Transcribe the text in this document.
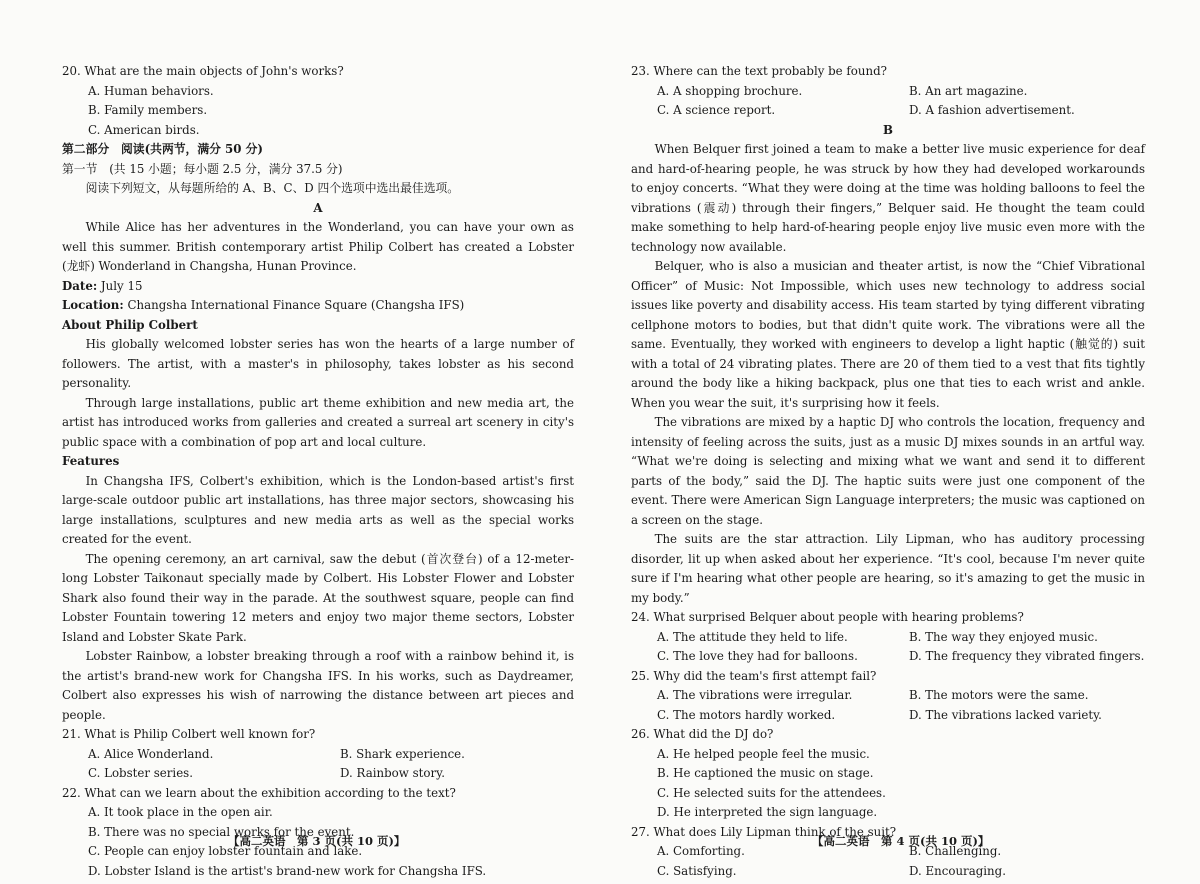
20. What are the main objects of John's works?

A. Human behaviors.

B. Family members.

C. American birds.

第二部分　阅读(共两节，满分 50 分)

第一节　(共 15 小题；每小题 2.5 分，满分 37.5 分)

阅读下列短文，从每题所给的 A、B、C、D 四个选项中选出最佳选项。

A

While Alice has her adventures in the Wonderland, you can have your own as well this summer. British contemporary artist Philip Colbert has created a Lobster (龙虾) Wonderland in Changsha, Hunan Province.

Date: July 15

Location: Changsha International Finance Square (Changsha IFS)

About Philip Colbert

His globally welcomed lobster series has won the hearts of a large number of followers. The artist, with a master's in philosophy, takes lobster as his second personality.

Through large installations, public art theme exhibition and new media art, the artist has introduced works from galleries and created a surreal art scenery in city's public space with a combination of pop art and local culture.

Features

In Changsha IFS, Colbert's exhibition, which is the London-based artist's first large-scale outdoor public art installations, has three major sectors, showcasing his large installations, sculptures and new media arts as well as the special works created for the event.

The opening ceremony, an art carnival, saw the debut (首次登台) of a 12-meter-long Lobster Taikonaut specially made by Colbert. His Lobster Flower and Lobster Shark also found their way in the parade. At the southwest square, people can find Lobster Fountain towering 12 meters and enjoy two major theme sectors, Lobster Island and Lobster Skate Park.

Lobster Rainbow, a lobster breaking through a roof with a rainbow behind it, is the artist's brand-new work for Changsha IFS. In his works, such as Daydreamer, Colbert also expresses his wish of narrowing the distance between art pieces and people.

21. What is Philip Colbert well known for?

A. Alice Wonderland.	B. Shark experience.
C. Lobster series.	D. Rainbow story.

22. What can we learn about the exhibition according to the text?

A. It took place in the open air.

B. There was no special works for the event.

C. People can enjoy lobster fountain and lake.

D. Lobster Island is the artist's brand-new work for Changsha IFS.

23. Where can the text probably be found?

A. A shopping brochure.	B. An art magazine.
C. A science report.	D. A fashion advertisement.

B

When Belquer first joined a team to make a better live music experience for deaf and hard-of-hearing people, he was struck by how they had developed workarounds to enjoy concerts. “What they were doing at the time was holding balloons to feel the vibrations (震动) through their fingers,” Belquer said. He thought the team could make something to help hard-of-hearing people enjoy live music even more with the technology now available.

Belquer, who is also a musician and theater artist, is now the “Chief Vibrational Officer” of Music: Not Impossible, which uses new technology to address social issues like poverty and disability access. His team started by tying different vibrating cellphone motors to bodies, but that didn't quite work. The vibrations were all the same. Eventually, they worked with engineers to develop a light haptic (触觉的) suit with a total of 24 vibrating plates. There are 20 of them tied to a vest that fits tightly around the body like a hiking backpack, plus one that ties to each wrist and ankle. When you wear the suit, it's surprising how it feels.

The vibrations are mixed by a haptic DJ who controls the location, frequency and intensity of feeling across the suits, just as a music DJ mixes sounds in an artful way. “What we're doing is selecting and mixing what we want and send it to different parts of the body,” said the DJ. The haptic suits were just one component of the event. There were American Sign Language interpreters; the music was captioned on a screen on the stage.

The suits are the star attraction. Lily Lipman, who has auditory processing disorder, lit up when asked about her experience. “It's cool, because I'm never quite sure if I'm hearing what other people are hearing, so it's amazing to get the music in my body.”

24. What surprised Belquer about people with hearing problems?

A. The attitude they held to life.	B. The way they enjoyed music.
C. The love they had for balloons.	D. The frequency they vibrated fingers.

25. Why did the team's first attempt fail?

A. The vibrations were irregular.	B. The motors were the same.
C. The motors hardly worked.	D. The vibrations lacked variety.

26. What did the DJ do?

A. He helped people feel the music.

B. He captioned the music on stage.

C. He selected suits for the attendees.

D. He interpreted the sign language.

27. What does Lily Lipman think of the suit?

A. Comforting.	B. Challenging.
C. Satisfying.	D. Encouraging.
【高二英语　第 3 页(共 10 页)】	【高二英语　第 4 页(共 10 页)】
